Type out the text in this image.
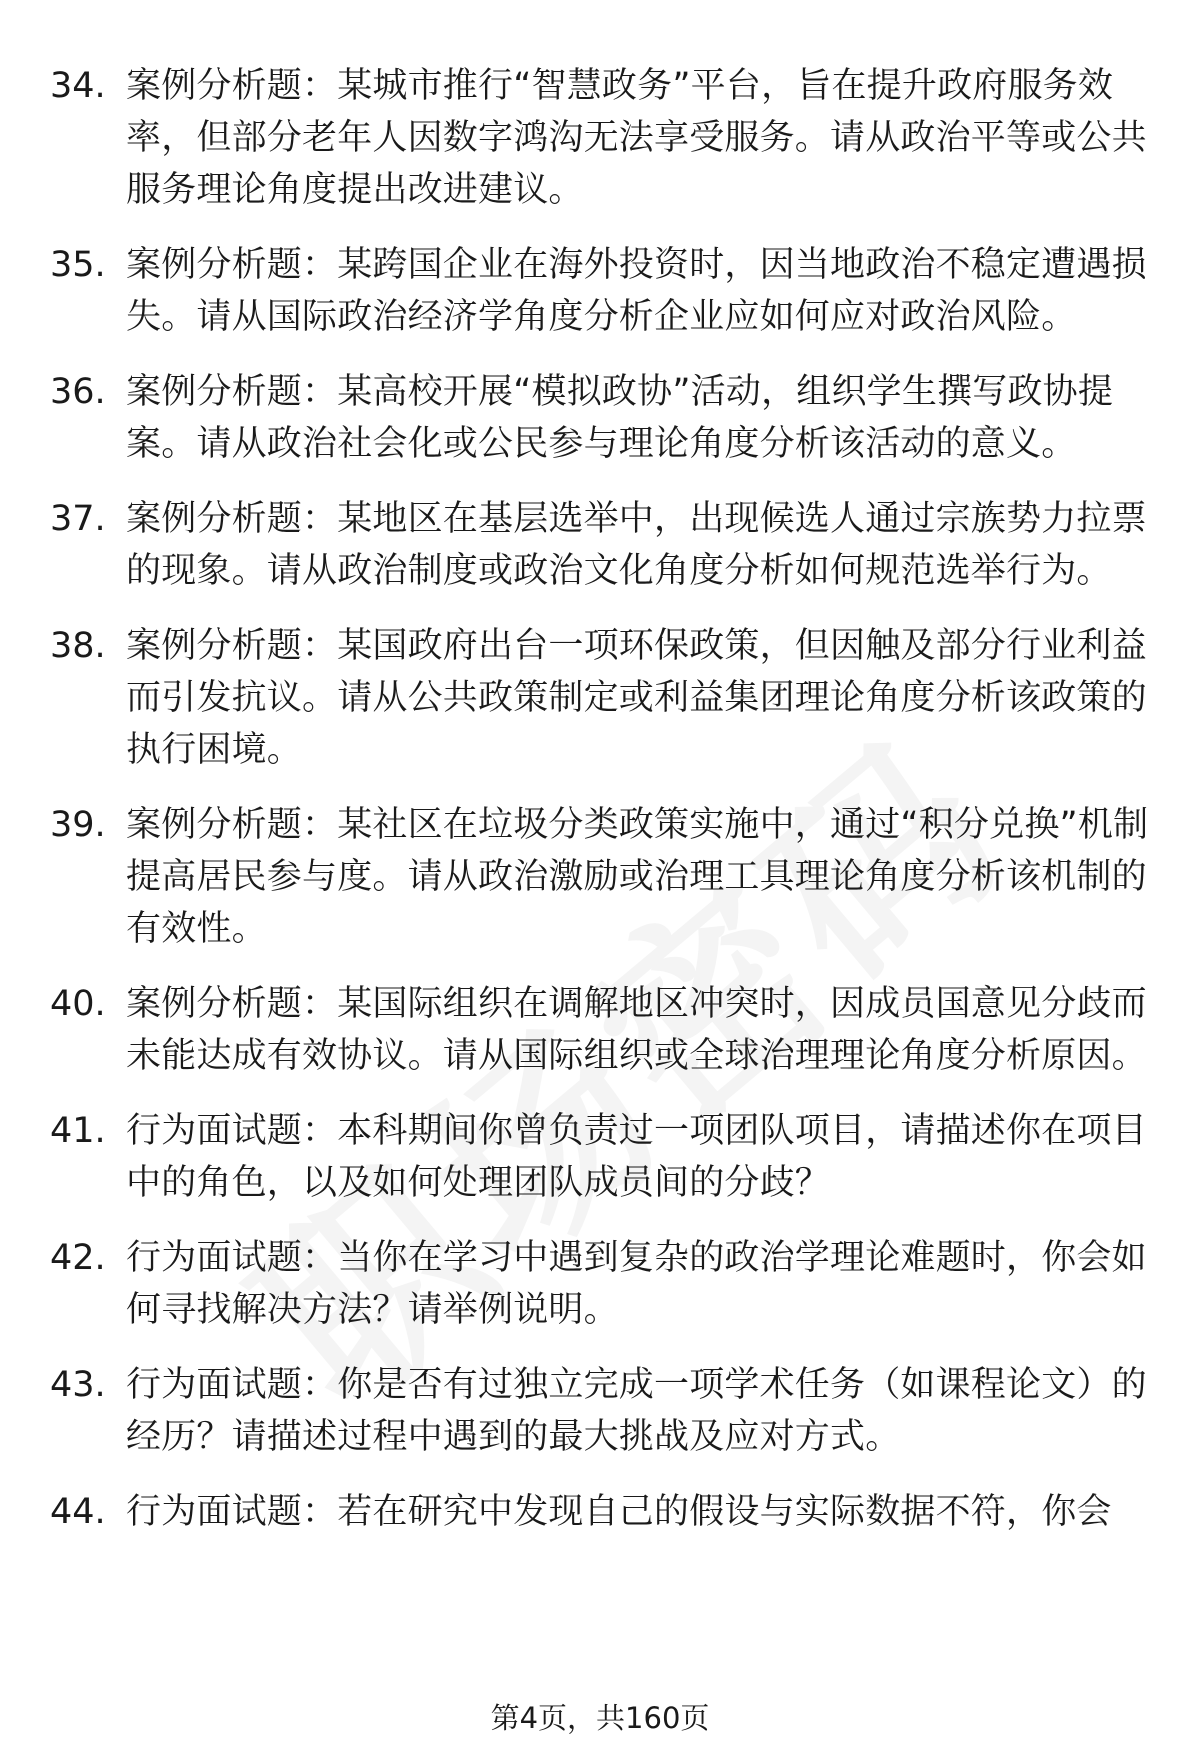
34. 案例分析题：某城市推行“智慧政务”平台，旨在提升政府服务效率，但部分老年人因数字鸿沟无法享受服务。请从政治平等或公共服务理论角度提出改进建议。
35. 案例分析题：某跨国企业在海外投资时，因当地政治不稳定遭遇损失。请从国际政治经济学角度分析企业应如何应对政治风险。
36. 案例分析题：某高校开展“模拟政协”活动，组织学生撰写政协提案。请从政治社会化或公民参与理论角度分析该活动的意义。
37. 案例分析题：某地区在基层选举中，出现候选人通过宗族势力拉票的现象。请从政治制度或政治文化角度分析如何规范选举行为。
38. 案例分析题：某国政府出台一项环保政策，但因触及部分行业利益而引发抗议。请从公共政策制定或利益集团理论角度分析该政策的执行困境。
39. 案例分析题：某社区在垃圾分类政策实施中，通过“积分兑换”机制提高居民参与度。请从政治激励或治理工具理论角度分析该机制的有效性。
40. 案例分析题：某国际组织在调解地区冲突时，因成员国意见分歧而未能达成有效协议。请从国际组织或全球治理理论角度分析原因。
41. 行为面试题：本科期间你曾负责过一项团队项目，请描述你在项目中的角色，以及如何处理团队成员间的分歧？
42. 行为面试题：当你在学习中遇到复杂的政治学理论难题时，你会如何寻找解决方法？请举例说明。
43. 行为面试题：你是否有过独立完成一项学术任务（如课程论文）的经历？请描述过程中遇到的最大挑战及应对方式。
44. 行为面试题：若在研究中发现自己的假设与实际数据不符，你会
第4页，共160页
